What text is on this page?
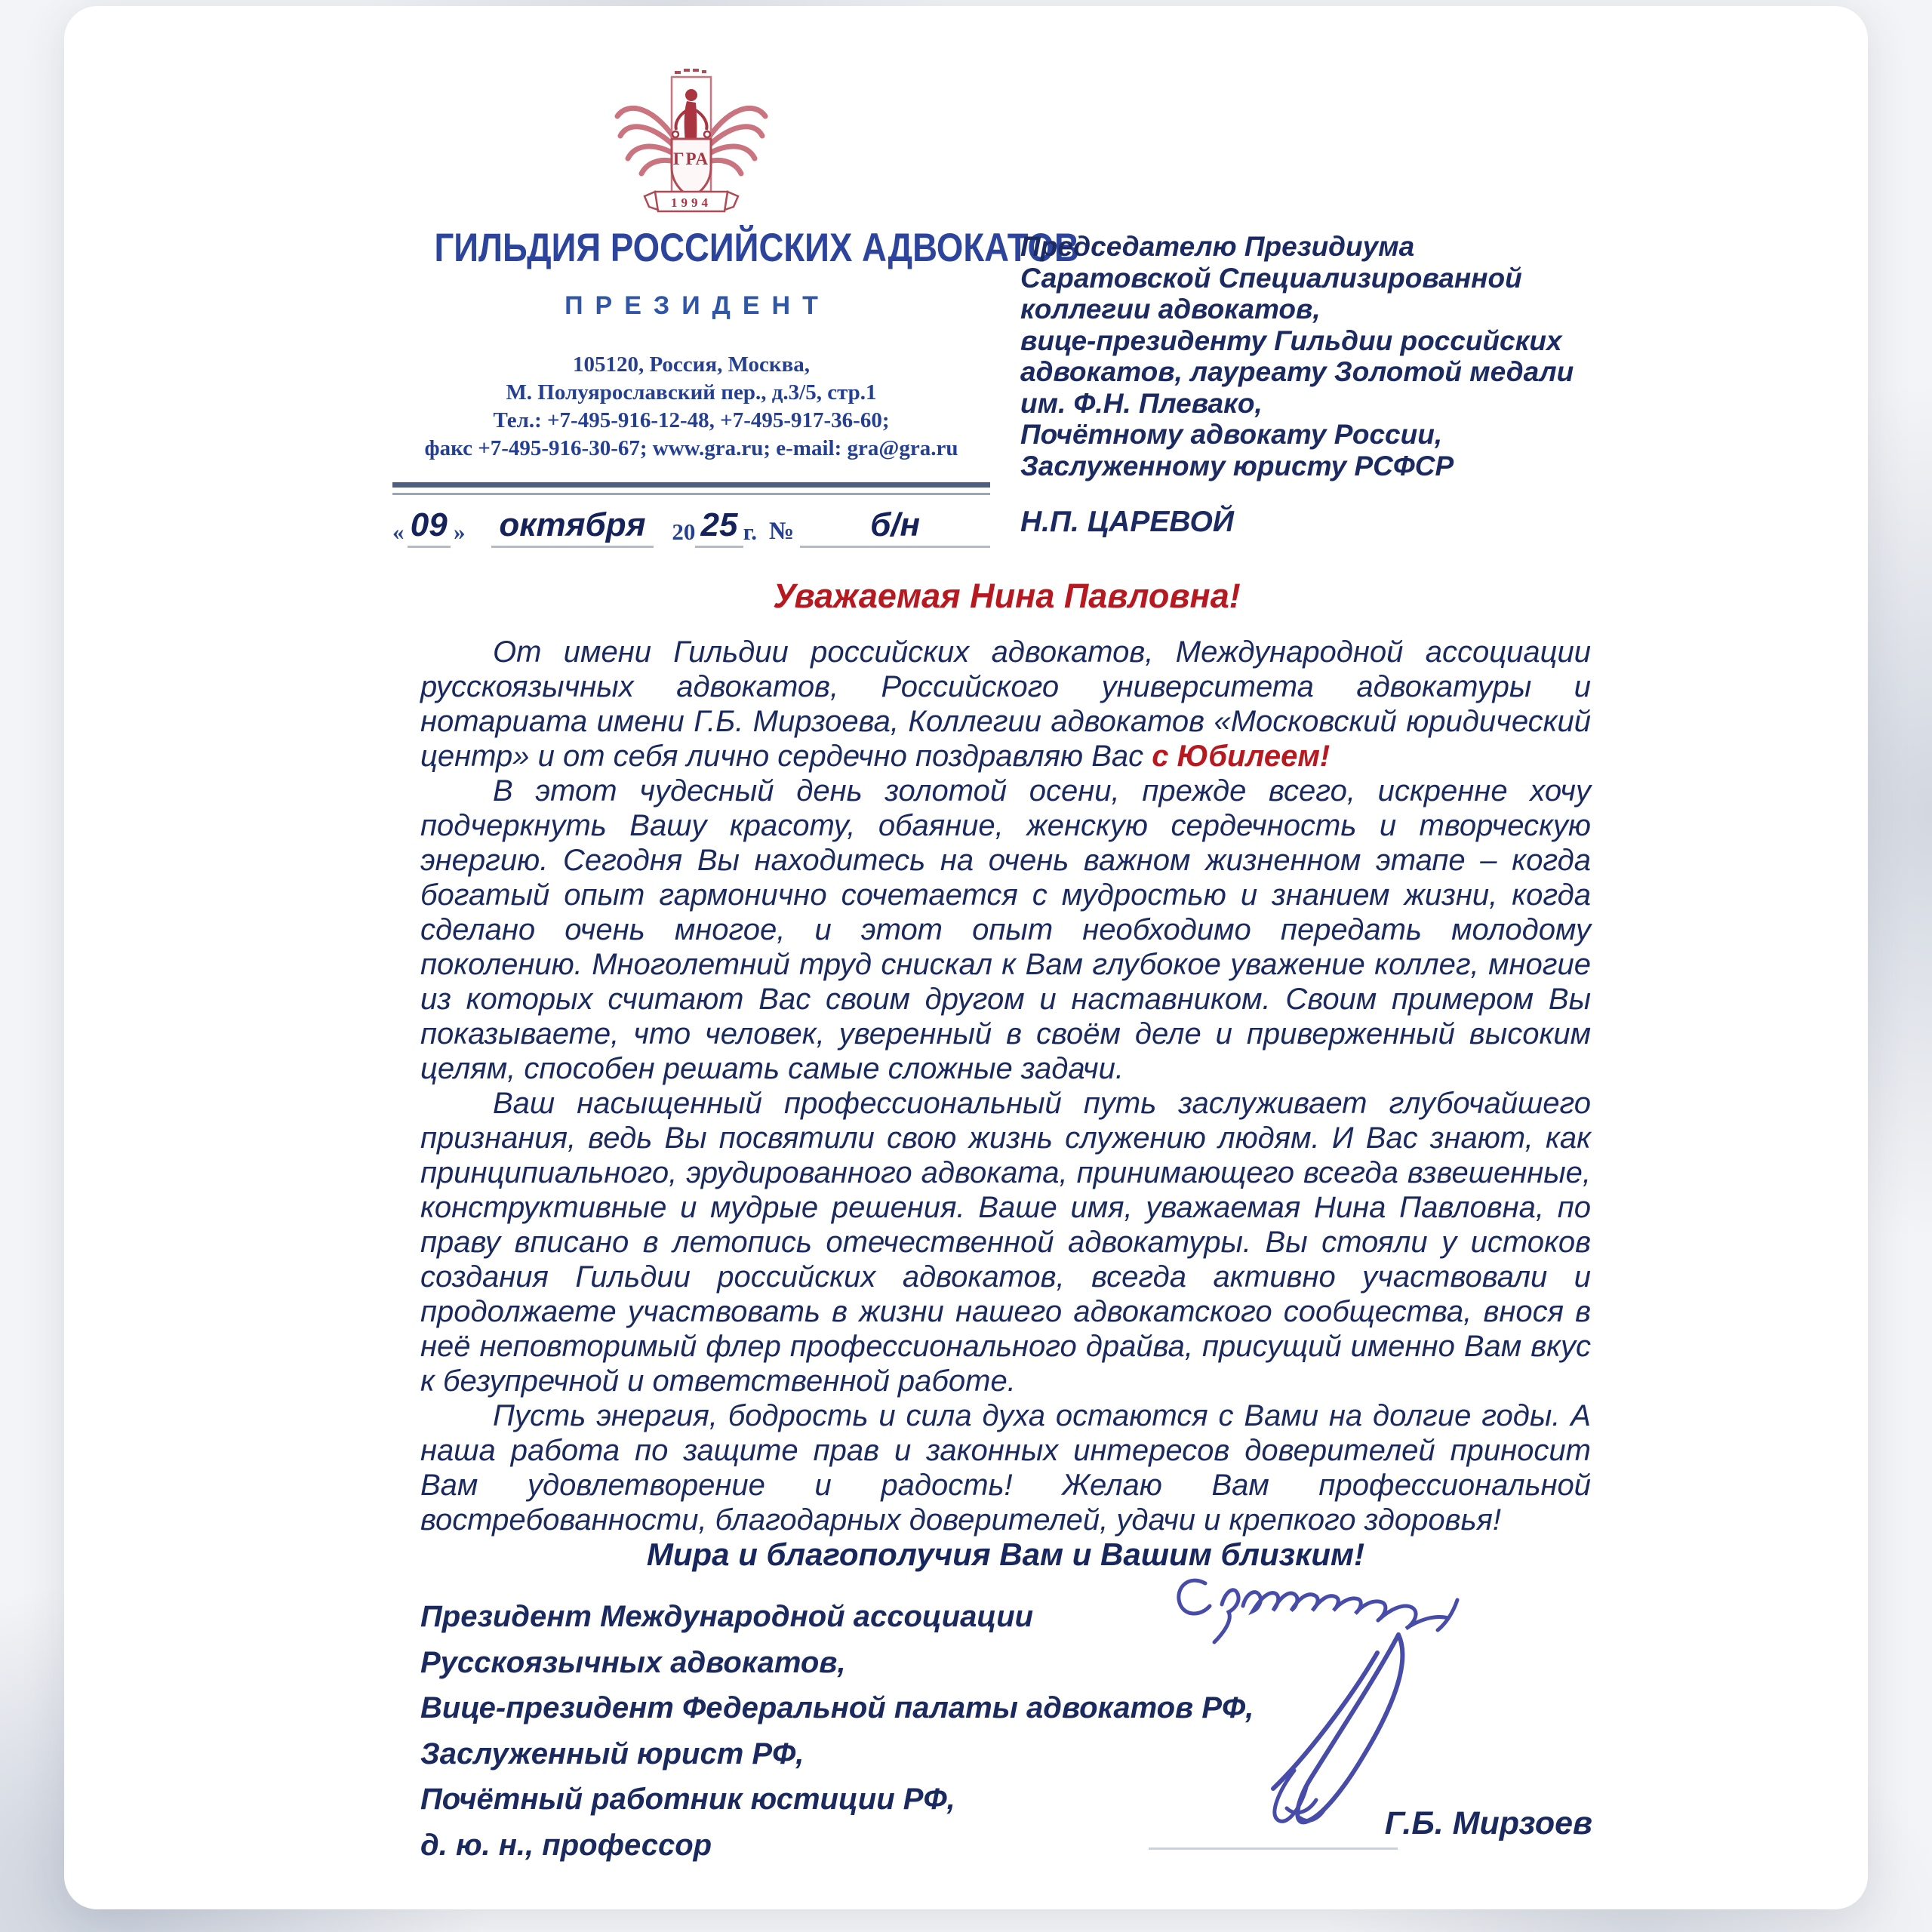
ГРА
1994
ГИЛЬДИЯ РОССИЙСКИХ АДВОКАТОВ
ПРЕЗИДЕНТ
105120, Россия, Москва,
М. Полуярославский пер., д.3/5, стр.1
Тел.: +7-495-916-12-48, +7-495-917-36-60;
факс +7-495-916-30-67; www.gra.ru; e-mail: gra@gra.ru
« 09 » октября	20 25 г. №	б/н
Председателю Президиума
Саратовской Специализированной
коллегии адвокатов,
вице-президенту Гильдии российских
адвокатов, лауреату Золотой медали
им. Ф.Н. Плевако,
Почётному адвокату России,
Заслуженному юристу РСФСР
Н.П. ЦАРЕВОЙ
Уважаемая Нина Павловна!

От имени Гильдии российских адвокатов, Международной ассоциации русскоязычных адвокатов, Российского университета адвокатуры и нотариата имени Г.Б. Мирзоева, Коллегии адвокатов «Московский юридический центр» и от себя лично сердечно поздравляю Вас с Юбилеем!

В этот чудесный день золотой осени, прежде всего, искренне хочу подчеркнуть Вашу красоту, обаяние, женскую сердечность и творческую энергию. Сегодня Вы находитесь на очень важном жизненном этапе – когда богатый опыт гармонично сочетается с мудростью и знанием жизни, когда сделано очень многое, и этот опыт необходимо передать молодому поколению. Многолетний труд снискал к Вам глубокое уважение коллег, многие из которых считают Вас своим другом и наставником. Своим примером Вы показываете, что человек, уверенный в своём деле и приверженный высоким целям, способен решать самые сложные задачи.

Ваш насыщенный профессиональный путь заслуживает глубочайшего признания, ведь Вы посвятили свою жизнь служению людям. И Вас знают, как принципиального, эрудированного адвоката, принимающего всегда взвешенные, конструктивные и мудрые решения. Ваше имя, уважаемая Нина Павловна, по праву вписано в летопись отечественной адвокатуры. Вы стояли у истоков создания Гильдии российских адвокатов, всегда активно участвовали и продолжаете участвовать в жизни нашего адвокатского сообщества, внося в неё неповторимый флер профессионального драйва, присущий именно Вам вкус к безупречной и ответственной работе.

Пусть энергия, бодрость и сила духа остаются с Вами на долгие годы. А наша работа по защите прав и законных интересов доверителей приносит Вам удовлетворение и радость! Желаю Вам профессиональной востребованности, благодарных доверителей, удачи и крепкого здоровья!

Мира и благополучия Вам и Вашим близким!

Президент Международной ассоциации
Русскоязычных адвокатов,
Вице-президент Федеральной палаты адвокатов РФ,
Заслуженный юрист РФ,
Почётный работник юстиции РФ,
д. ю. н., профессор
Г.Б. Мирзоев
